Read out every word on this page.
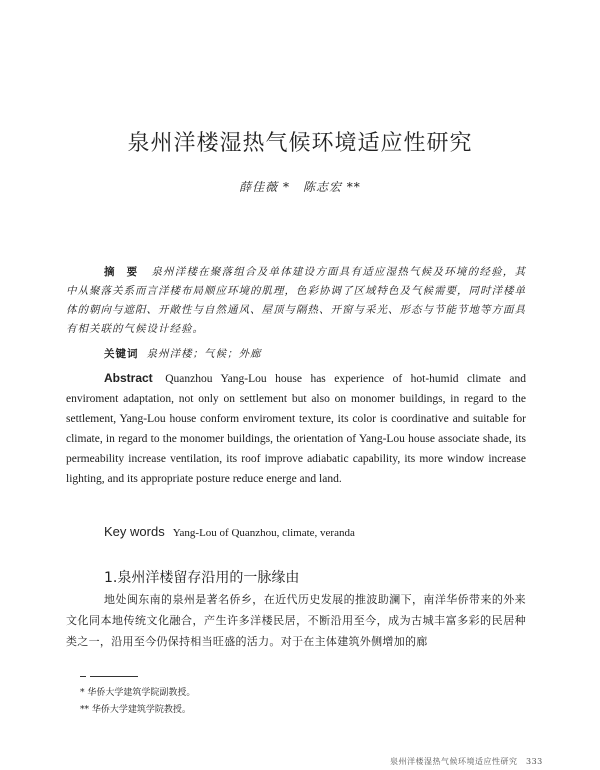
泉州洋楼湿热气候环境适应性研究
薛佳薇 *　陈志宏 **
摘 要 泉州洋楼在聚落组合及单体建设方面具有适应湿热气候及环境的经验，其中从聚落关系而言洋楼布局顺应环境的肌理，色彩协调了区域特色及气候需要，同时洋楼单体的朝向与遮阳、开敞性与自然通风、屋顶与隔热、开窗与采光、形态与节能节地等方面具有相关联的气候设计经验。
关键词 泉州洋楼；气候；外廊
Abstract Quanzhou Yang-Lou house has experience of hot-humid climate and enviroment adaptation, not only on settlement but also on monomer buildings, in regard to the settlement, Yang-Lou house conform enviroment texture, its color is coordinative and suitable for climate, in regard to the monomer buildings, the orientation of Yang-Lou house associate shade, its permeability increase ventilation, its roof improve adiabatic capability, its more window increase lighting, and its appropriate posture reduce energe and land.
Key words Yang-Lou of Quanzhou, climate, veranda
1.泉州洋楼留存沿用的一脉缘由
地处闽东南的泉州是著名侨乡，在近代历史发展的推波助澜下，南洋华侨带来的外来文化同本地传统文化融合，产生许多洋楼民居，不断沿用至今，成为古城丰富多彩的民居种类之一，沿用至今仍保持相当旺盛的活力。对于在主体建筑外侧增加的廊
* 华侨大学建筑学院副教授。
** 华侨大学建筑学院教授。
泉州洋楼湿热气候环境适应性研究　333
